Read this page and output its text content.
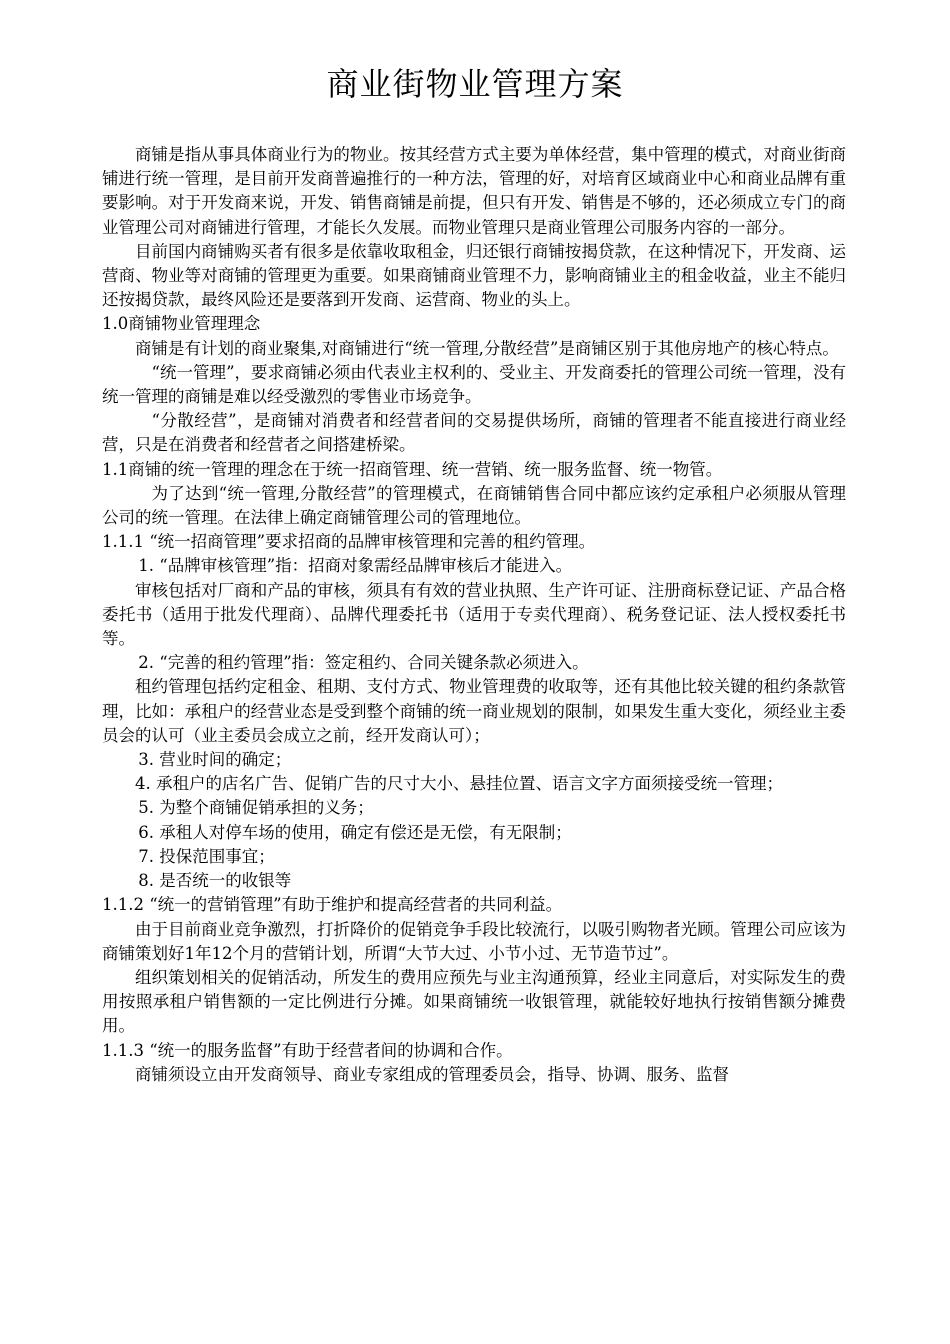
商业街物业管理方案

商铺是指从事具体商业行为的物业。按其经营方式主要为单体经营，集中管理的模式，对商业街商铺进行统一管理，是目前开发商普遍推行的一种方法，管理的好，对培育区域商业中心和商业品牌有重要影响。对于开发商来说，开发、销售商铺是前提，但只有开发、销售是不够的，还必须成立专门的商业管理公司对商铺进行管理，才能长久发展。而物业管理只是商业管理公司服务内容的一部分。

目前国内商铺购买者有很多是依靠收取租金，归还银行商铺按揭贷款，在这种情况下，开发商、运营商、物业等对商铺的管理更为重要。如果商铺商业管理不力，影响商铺业主的租金收益，业主不能归还按揭贷款，最终风险还是要落到开发商、运营商、物业的头上。

1.0商铺物业管理理念

商铺是有计划的商业聚集,对商铺进行“统一管理,分散经营”是商铺区别于其他房地产的核心特点。

“统一管理”，要求商铺必须由代表业主权利的、受业主、开发商委托的管理公司统一管理，没有统一管理的商铺是难以经受激烈的零售业市场竞争。

“分散经营”，是商铺对消费者和经营者间的交易提供场所，商铺的管理者不能直接进行商业经营，只是在消费者和经营者之间搭建桥梁。

1.1商铺的统一管理的理念在于统一招商管理、统一营销、统一服务监督、统一物管。

为了达到“统一管理,分散经营”的管理模式，在商铺销售合同中都应该约定承租户必须服从管理公司的统一管理。在法律上确定商铺管理公司的管理地位。

1.1.1 “统一招商管理”要求招商的品牌审核管理和完善的租约管理。

1. “品牌审核管理”指：招商对象需经品牌审核后才能进入。

审核包括对厂商和产品的审核，须具有有效的营业执照、生产许可证、注册商标登记证、产品合格委托书（适用于批发代理商）、品牌代理委托书（适用于专卖代理商）、税务登记证、法人授权委托书等。

2. “完善的租约管理”指：签定租约、合同关键条款必须进入。

租约管理包括约定租金、租期、支付方式、物业管理费的收取等，还有其他比较关键的租约条款管理，比如：承租户的经营业态是受到整个商铺的统一商业规划的限制，如果发生重大变化，须经业主委员会的认可（业主委员会成立之前，经开发商认可）；

3. 营业时间的确定；

4. 承租户的店名广告、促销广告的尺寸大小、悬挂位置、语言文字方面须接受统一管理；

5. 为整个商铺促销承担的义务；

6. 承租人对停车场的使用，确定有偿还是无偿，有无限制；

7. 投保范围事宜；

8. 是否统一的收银等

1.1.2 “统一的营销管理”有助于维护和提高经营者的共同利益。

由于目前商业竞争激烈，打折降价的促销竞争手段比较流行，以吸引购物者光顾。管理公司应该为商铺策划好1年12个月的营销计划，所谓“大节大过、小节小过、无节造节过”。

组织策划相关的促销活动，所发生的费用应预先与业主沟通预算，经业主同意后，对实际发生的费用按照承租户销售额的一定比例进行分摊。如果商铺统一收银管理，就能较好地执行按销售额分摊费用。

1.1.3 “统一的服务监督”有助于经营者间的协调和合作。

商铺须设立由开发商领导、商业专家组成的管理委员会，指导、协调、服务、监督
